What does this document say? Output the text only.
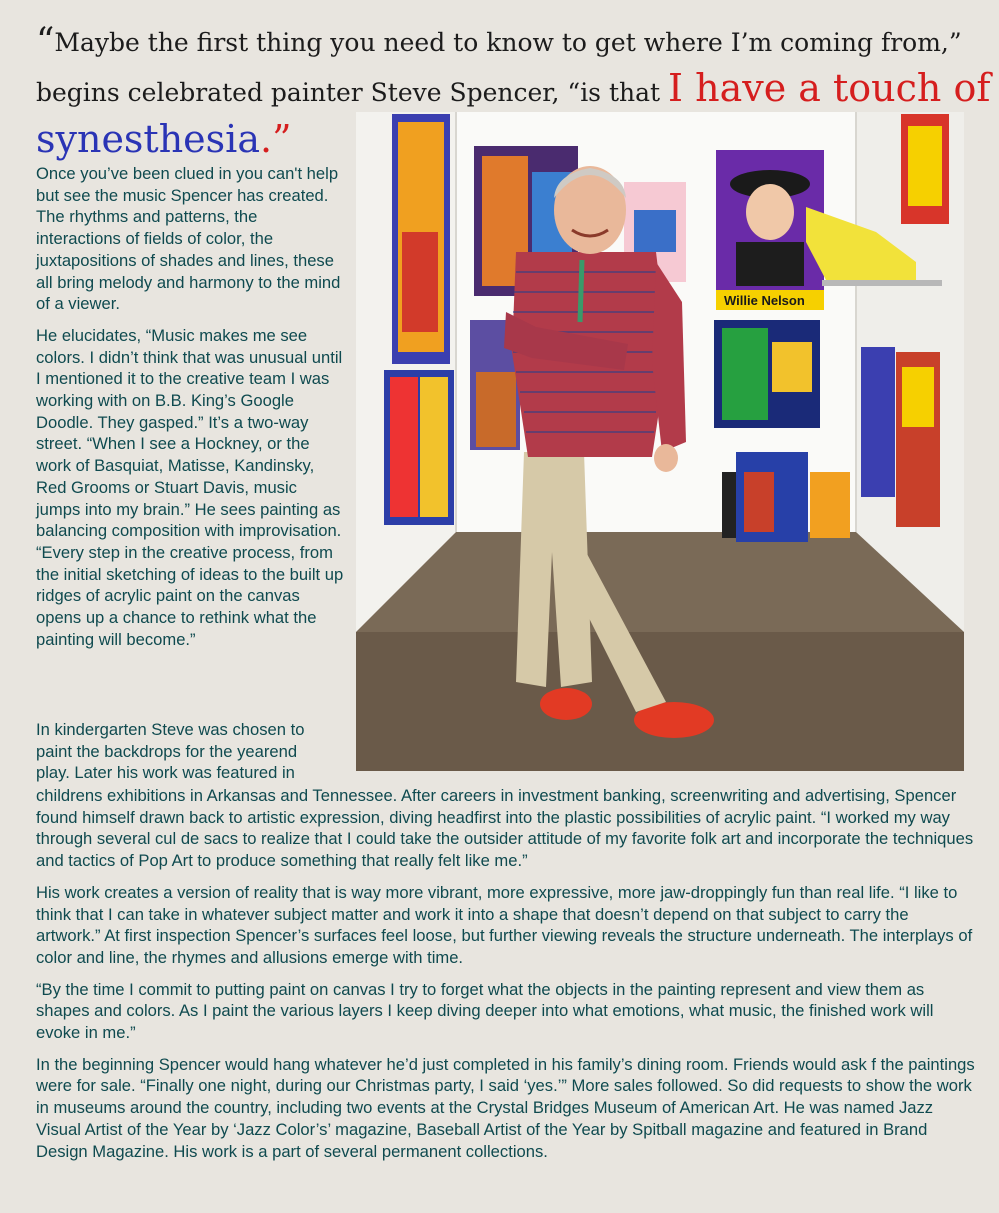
“Maybe the first thing you need to know to get where I’m coming from,”
begins celebrated painter Steve Spencer, “is that I have a touch of
synesthesia.”
Willie Nelson

Once you’ve been clued in you can't help but see the music Spencer has created. The rhythms and patterns, the interactions of fields of color, the juxtapositions of shades and lines, these all bring melody and harmony to the mind of a viewer.

He elucidates, “Music makes me see colors. I didn’t think that was unusual until I mentioned it to the creative team I was working with on B.B. King’s Google Doodle. They gasped.” It’s a two-way street. “When I see a Hockney, or the work of Basquiat, Matisse, Kandinsky, Red Grooms or Stuart Davis, music jumps into my brain.” He sees painting as balancing composition with improvisation. “Every step in the creative process, from the initial sketching of ideas to the built up ridges of acrylic paint on the canvas opens up a chance to rethink what the painting will become.”

In kindergarten Steve was chosen to
paint the backdrops for the yearend
play. Later his work was featured in

childrens exhibitions in Arkansas and Tennessee. After careers in investment banking, screenwriting and advertising, Spencer found himself drawn back to artistic expression, diving headfirst into the plastic possibilities of acrylic paint. “I worked my way through several cul de sacs to realize that I could take the outsider attitude of my favorite folk art and incorporate the techniques and tactics of Pop Art to produce something that really felt like me.”

His work creates a version of reality that is way more vibrant, more expressive, more jaw-droppingly fun than real life. “I like to think that I can take in whatever subject matter and work it into a shape that doesn’t depend on that subject to carry the artwork.” At first inspection Spencer’s surfaces feel loose, but further viewing reveals the structure underneath. The interplays of color and line, the rhymes and allusions emerge with time.

“By the time I commit to putting paint on canvas I try to forget what the objects in the painting represent and view them as shapes and colors. As I paint the various layers I keep diving deeper into what emotions, what music, the finished work will evoke in me.”

In the beginning Spencer would hang whatever he’d just completed in his family’s dining room. Friends would ask f the paintings were for sale. “Finally one night, during our Christmas party, I said ‘yes.’” More sales followed. So did requests to show the work in museums around the country, including two events at the Crystal Bridges Museum of American Art. He was named Jazz Visual Artist of the Year by ‘Jazz Color’s’ magazine, Baseball Artist of the Year by Spitball magazine and featured in Brand Design Magazine. His work is a part of several permanent collections.
